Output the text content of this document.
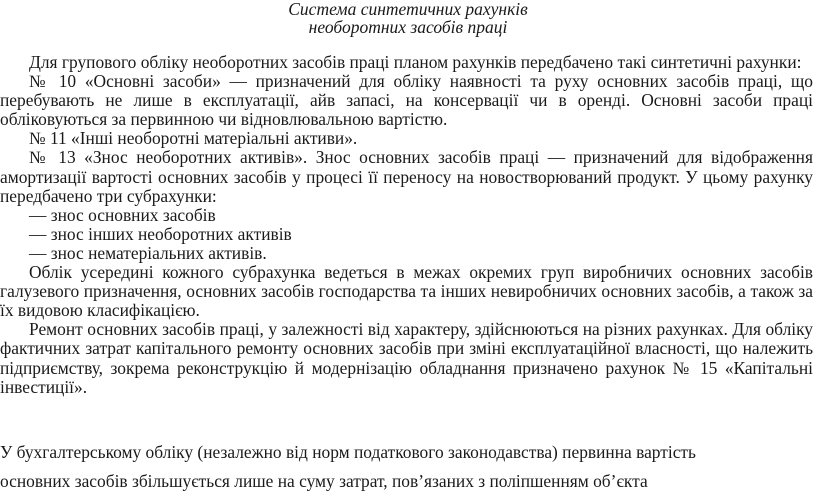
Система синтетичних рахунків

необоротних засобів праці

Для групового обліку необоротних засобів праці планом рахунків передбачено такі синтетичні рахунки:

№ 10 «Основні засоби» — призначений для обліку наявності та руху основних засобів праці, що перебувають не лише в експлуатації, айв запасі, на консервації чи в оренді. Основні засоби праці обліковуються за первинною чи відновлювальною вартістю.

№ 11 «Інші необоротні матеріальні активи».

№ 13 «Знос необоротних активів». Знос основних засобів праці — призначений для відображення амортизації вартості основних засобів у процесі її переносу на новостворюваний продукт. У цьому рахунку передбачено три субрахунки:

— знос основних засобів

— знос інших необоротних активів

— знос нематеріальних активів.

Облік усередині кожного субрахунка ведеться в межах окремих груп виробничих основних засобів галузевого призначення, основних засобів господарства та інших невиробничих основних засобів, а також за їх видовою класифікацією.

Ремонт основних засобів праці, у залежності від характеру, здійснюються на різних рахунках. Для обліку фактичних затрат капітального ремонту основних засобів при зміні експлуатаційної власності, що належить підприємству, зокрема реконструкцію й модернізацію обладнання призначено рахунок № 15 «Капітальні інвестиції».

У бухгалтерському обліку (незалежно від норм податкового законодавства) первинна вартість

основних засобів збільшується лише на суму затрат, пов’язаних з поліпшенням об’єкта
